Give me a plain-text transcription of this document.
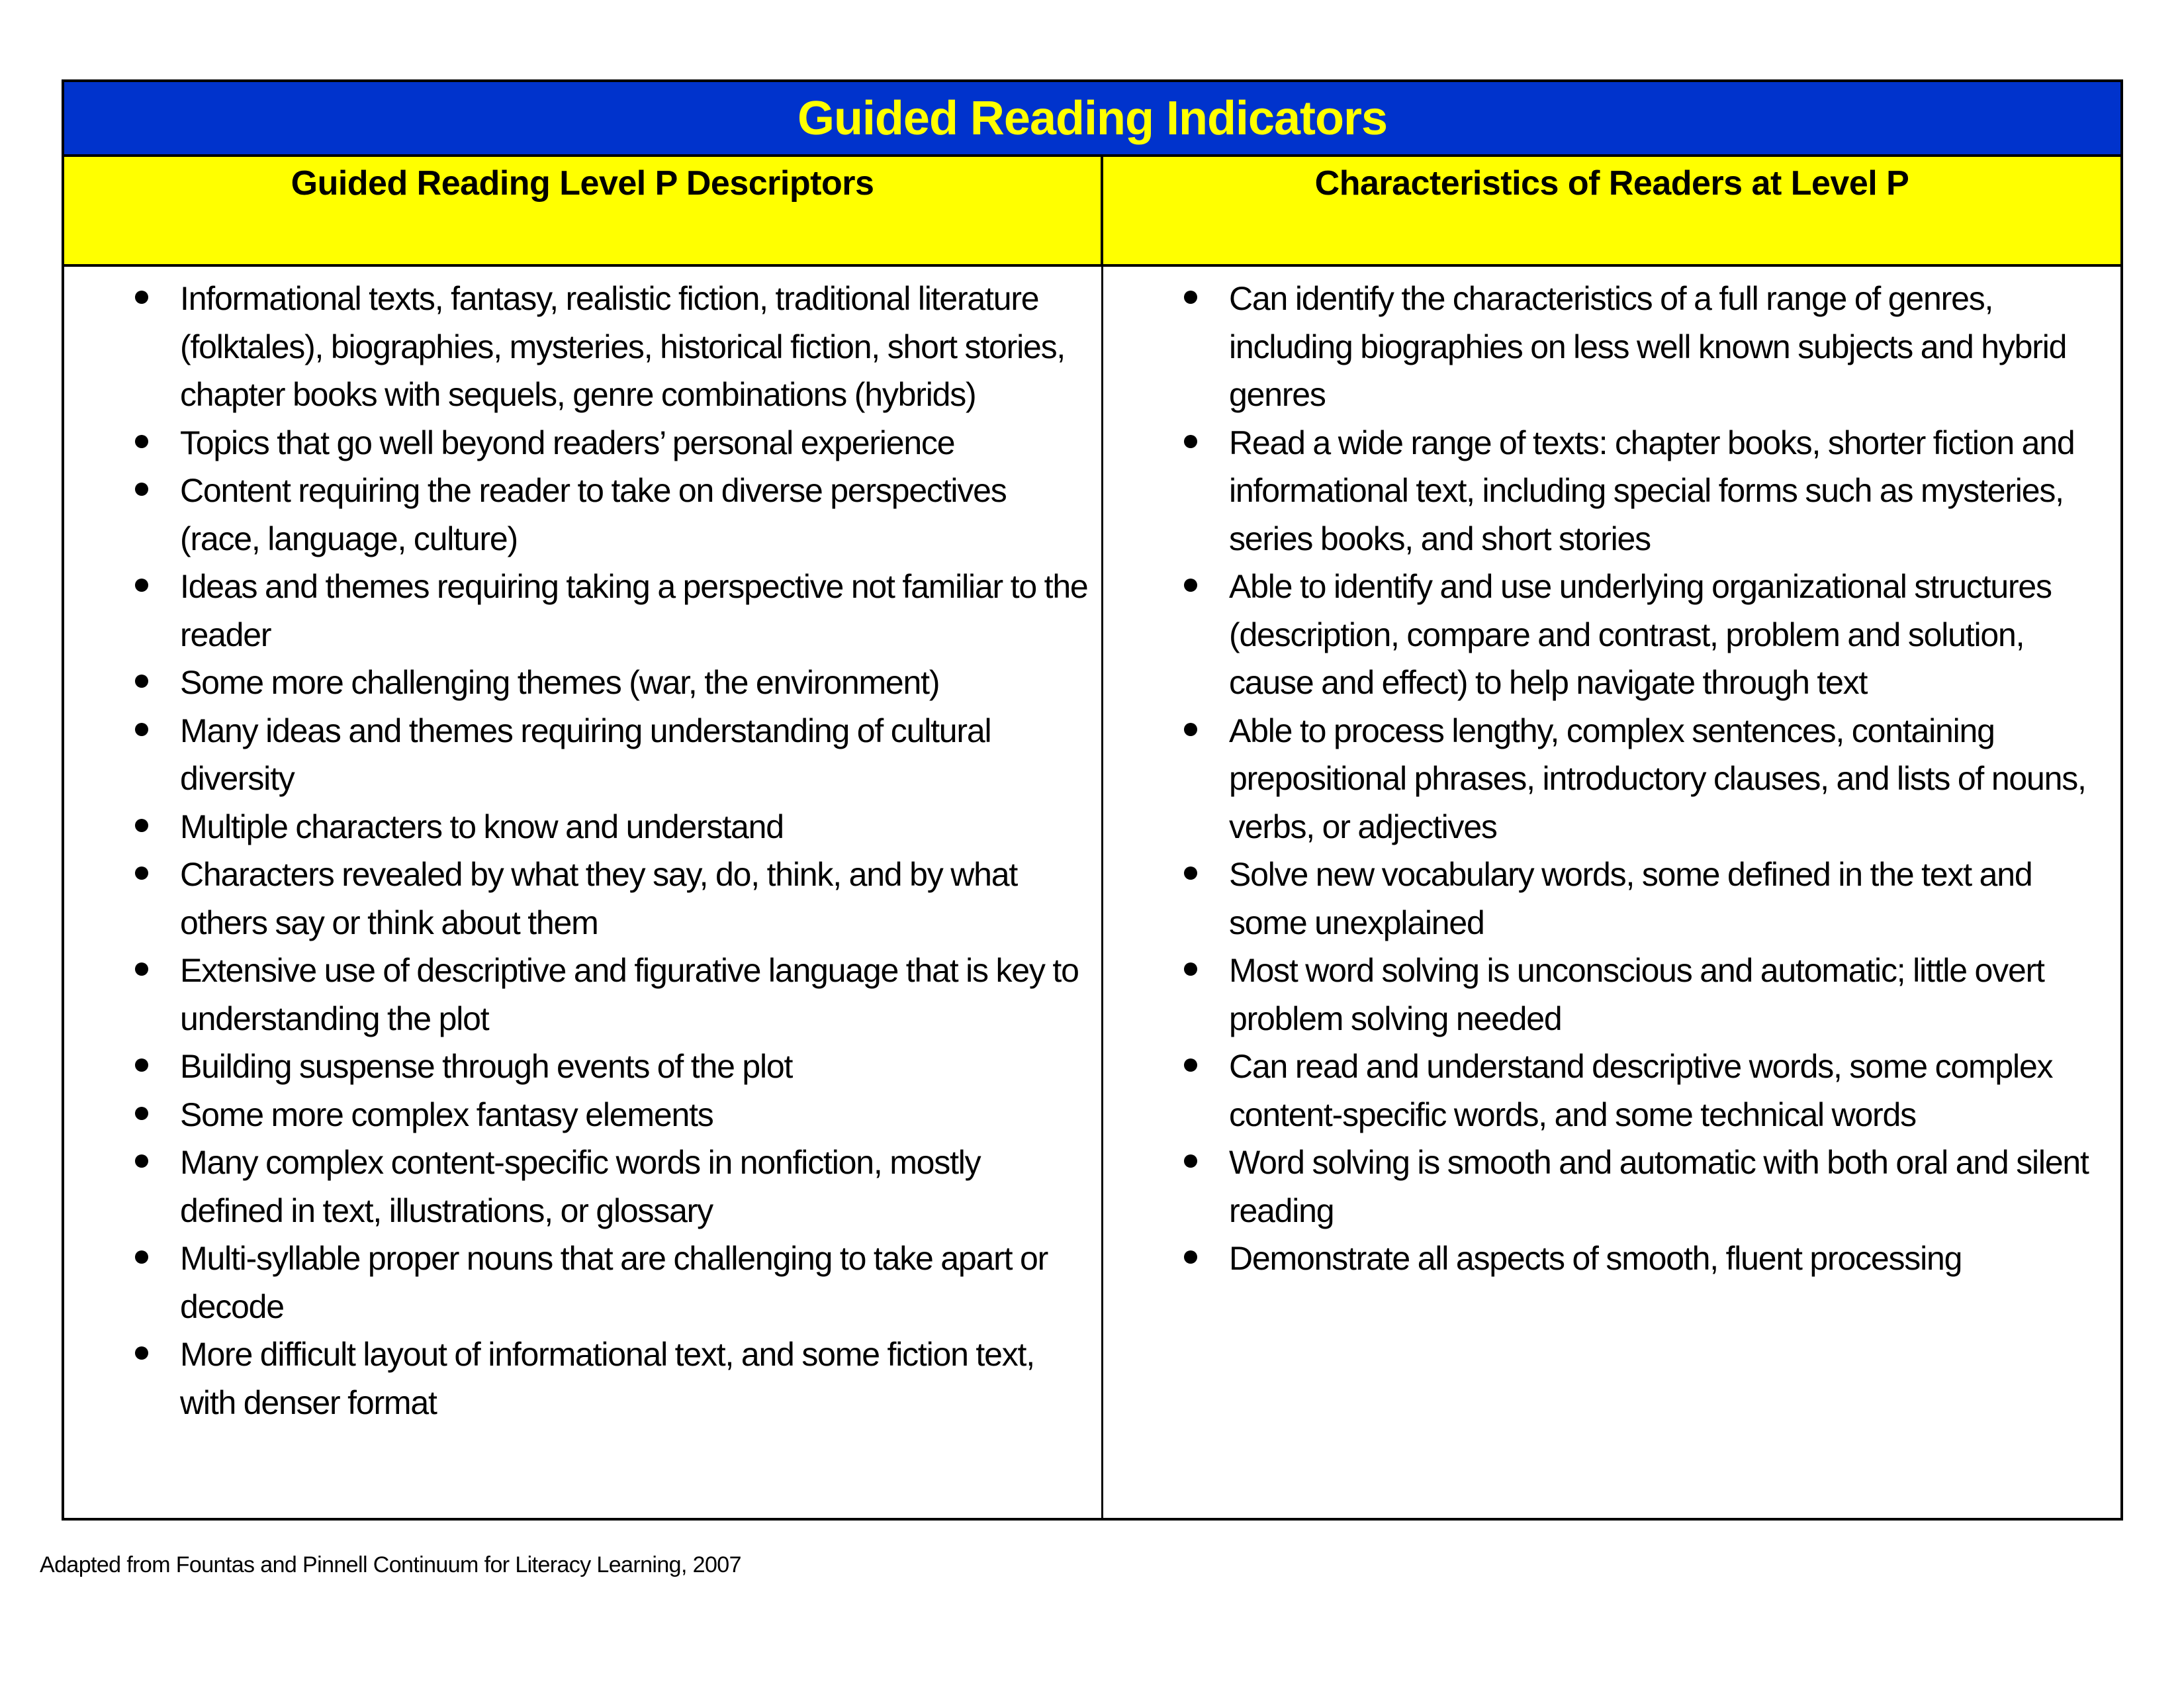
Guided Reading Indicators
Guided Reading Level P Descriptors	Characteristics of Readers at Level P
Informational texts, fantasy, realistic fiction, traditional literature (folktales), biographies, mysteries, historical fiction, short stories, chapter books with sequels, genre combinations (hybrids)
Topics that go well beyond readers’ personal experience
Content requiring the reader to take on diverse perspectives (race, language, culture)
Ideas and themes requiring taking a perspective not familiar to the reader
Some more challenging themes (war, the environment)
Many ideas and themes requiring understanding of cultural diversity
Multiple characters to know and understand
Characters revealed by what they say, do, think, and by what others say or think about them
Extensive use of descriptive and figurative language that is key to understanding the plot
Building suspense through events of the plot
Some more complex fantasy elements
Many complex content-specific words in nonfiction, mostly defined in text, illustrations, or glossary
Multi-syllable proper nouns that are challenging to take apart or decode
More difficult layout of informational text, and some fiction text, with denser format
Can identify the characteristics of a full range of genres, including biographies on less well known subjects and hybrid genres
Read a wide range of texts: chapter books, shorter fiction and informational text, including special forms such as mysteries, series books, and short stories
Able to identify and use underlying organizational structures (description, compare and contrast, problem and solution, cause and effect) to help navigate through text
Able to process lengthy, complex sentences, containing prepositional phrases, introductory clauses, and lists of nouns, verbs, or adjectives
Solve new vocabulary words, some defined in the text and some unexplained
Most word solving is unconscious and automatic; little overt problem solving needed
Can read and understand descriptive words, some complex content-specific words, and some technical words
Word solving is smooth and automatic with both oral and silent reading
Demonstrate all aspects of smooth, fluent processing
Adapted from Fountas and Pinnell Continuum for Literacy Learning, 2007
